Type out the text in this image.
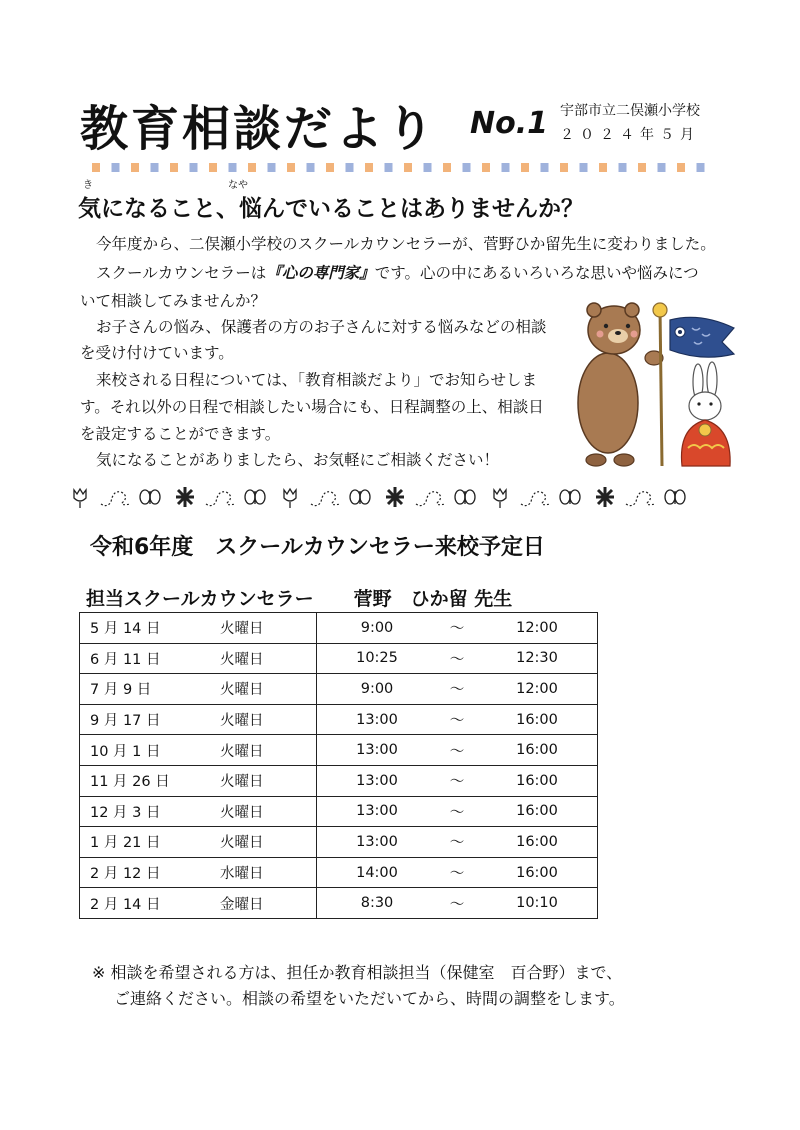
教育相談だより No.1 宇部市立二俣瀬小学校
２０２４年５月
き	なや
気になること、悩んでいることはありませんか？
今年度から、二俣瀬小学校のスクールカウンセラーが、菅野ひか留先生に変わりました。
スクールカウンセラーは『心の専門家』です。心の中にあるいろいろな思いや悩みにつ
いて相談してみませんか？
お子さんの悩み、保護者の方のお子さんに対する悩みなどの相談
を受け付けています。
来校される日程については、「教育相談だより」でお知らせしま
す。それ以外の日程で相談したい場合にも、日程調整の上、相談日
を設定することができます。
気になることがありましたら、お気軽にご相談ください！
令和6年度　スクールカウンセラー来校予定日
担当スクールカウンセラー 菅野　ひか留 先生
5 月 14 日	火曜日	9:00	～	12:00
6 月 11 日	火曜日	10:25	～	12:30
7 月 9 日	火曜日	9:00	～	12:00
9 月 17 日	火曜日	13:00	～	16:00
10 月 1 日	火曜日	13:00	～	16:00
11 月 26 日	火曜日	13:00	～	16:00
12 月 3 日	火曜日	13:00	～	16:00
1 月 21 日	火曜日	13:00	～	16:00
2 月 12 日	水曜日	14:00	～	16:00
2 月 14 日	金曜日	8:30	～	10:10
※ 相談を希望される方は、担任か教育相談担当（保健室　百合野）まで、
ご連絡ください。相談の希望をいただいてから、時間の調整をします。
